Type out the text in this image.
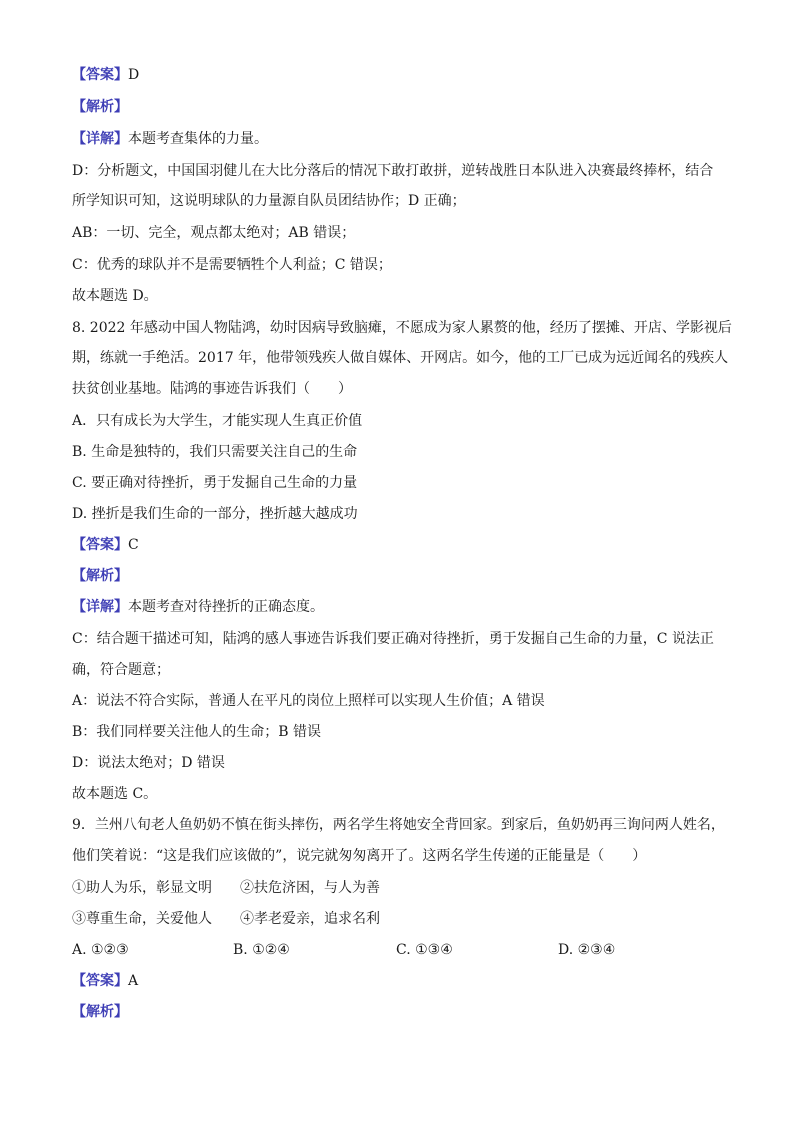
【答案】D
【解析】
【详解】本题考查集体的力量。
D：分析题文，中国国羽健儿在大比分落后的情况下敢打敢拼，逆转战胜日本队进入决赛最终捧杯，结合
所学知识可知，这说明球队的力量源自队员团结协作；D 正确；
AB：一切、完全，观点都太绝对；AB 错误；
C：优秀的球队并不是需要牺牲个人利益；C 错误；
故本题选 D。
8. 2022 年感动中国人物陆鸿，幼时因病导致脑瘫，不愿成为家人累赘的他，经历了摆摊、开店、学影视后
期，练就一手绝活。2017 年，他带领残疾人做自媒体、开网店。如今，他的工厂已成为远近闻名的残疾人
扶贫创业基地。陆鸿的事迹告诉我们（　　）
A．只有成长为大学生，才能实现人生真正价值
B. 生命是独特的，我们只需要关注自己的生命
C. 要正确对待挫折，勇于发掘自己生命的力量
D. 挫折是我们生命的一部分，挫折越大越成功
【答案】C
【解析】
【详解】本题考查对待挫折的正确态度。
C：结合题干描述可知，陆鸿的感人事迹告诉我们要正确对待挫折，勇于发掘自己生命的力量，C 说法正
确，符合题意；
A：说法不符合实际，普通人在平凡的岗位上照样可以实现人生价值；A 错误
B：我们同样要关注他人的生命；B 错误
D：说法太绝对；D 错误
故本题选 C。
9．兰州八旬老人鱼奶奶不慎在街头摔伤，两名学生将她安全背回家。到家后，鱼奶奶再三询问两人姓名，
他们笑着说：“这是我们应该做的”，说完就匆匆离开了。这两名学生传递的正能量是（　　）
①助人为乐，彰显文明　　②扶危济困，与人为善
③尊重生命，关爱他人　　④孝老爱亲，追求名利
A. ①②③	B. ①②④	C. ①③④	D. ②③④
【答案】A
【解析】
